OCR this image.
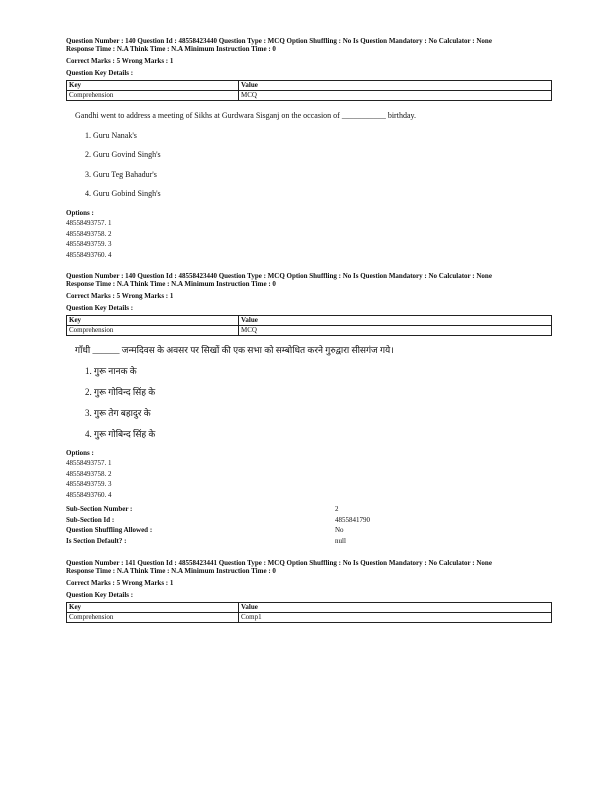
Question Number : 140 Question Id : 48558423440 Question Type : MCQ Option Shuffling : No Is Question Mandatory : No Calculator : None
Response Time : N.A Think Time : N.A Minimum Instruction Time : 0
Correct Marks : 5 Wrong Marks : 1
Question Key Details :
Key	Value
Comprehension	MCQ
Gandhi went to address a meeting of Sikhs at Gurdwara Sisganj on the occasion of ___________ birthday.
1. Guru Nanak's
2. Guru Govind Singh's
3. Guru Teg Bahadur's
4. Guru Gobind Singh's
Options :
48558493757. 1
48558493758. 2
48558493759. 3
48558493760. 4
Question Number : 140 Question Id : 48558423440 Question Type : MCQ Option Shuffling : No Is Question Mandatory : No Calculator : None
Response Time : N.A Think Time : N.A Minimum Instruction Time : 0
Correct Marks : 5 Wrong Marks : 1
Question Key Details :
Key	Value
Comprehension	MCQ
गाँधी ______ जन्मदिवस के अवसर पर सिखों की एक सभा को सम्बोधित करने गुरुद्वारा सीसगंज गये।
1. गुरू नानक के
2. गुरू गोविन्द सिंह के
3. गुरू तेग बहादुर के
4. गुरू गोबिन्द सिंह के
Options :
48558493757. 1
48558493758. 2
48558493759. 3
48558493760. 4
Sub-Section Number :	2
Sub-Section Id :	4855841790
Question Shuffling Allowed :	No
Is Section Default? :	null
Question Number : 141 Question Id : 48558423441 Question Type : MCQ Option Shuffling : No Is Question Mandatory : No Calculator : None
Response Time : N.A Think Time : N.A Minimum Instruction Time : 0
Correct Marks : 5 Wrong Marks : 1
Question Key Details :
Key	Value
Comprehension	Comp1
